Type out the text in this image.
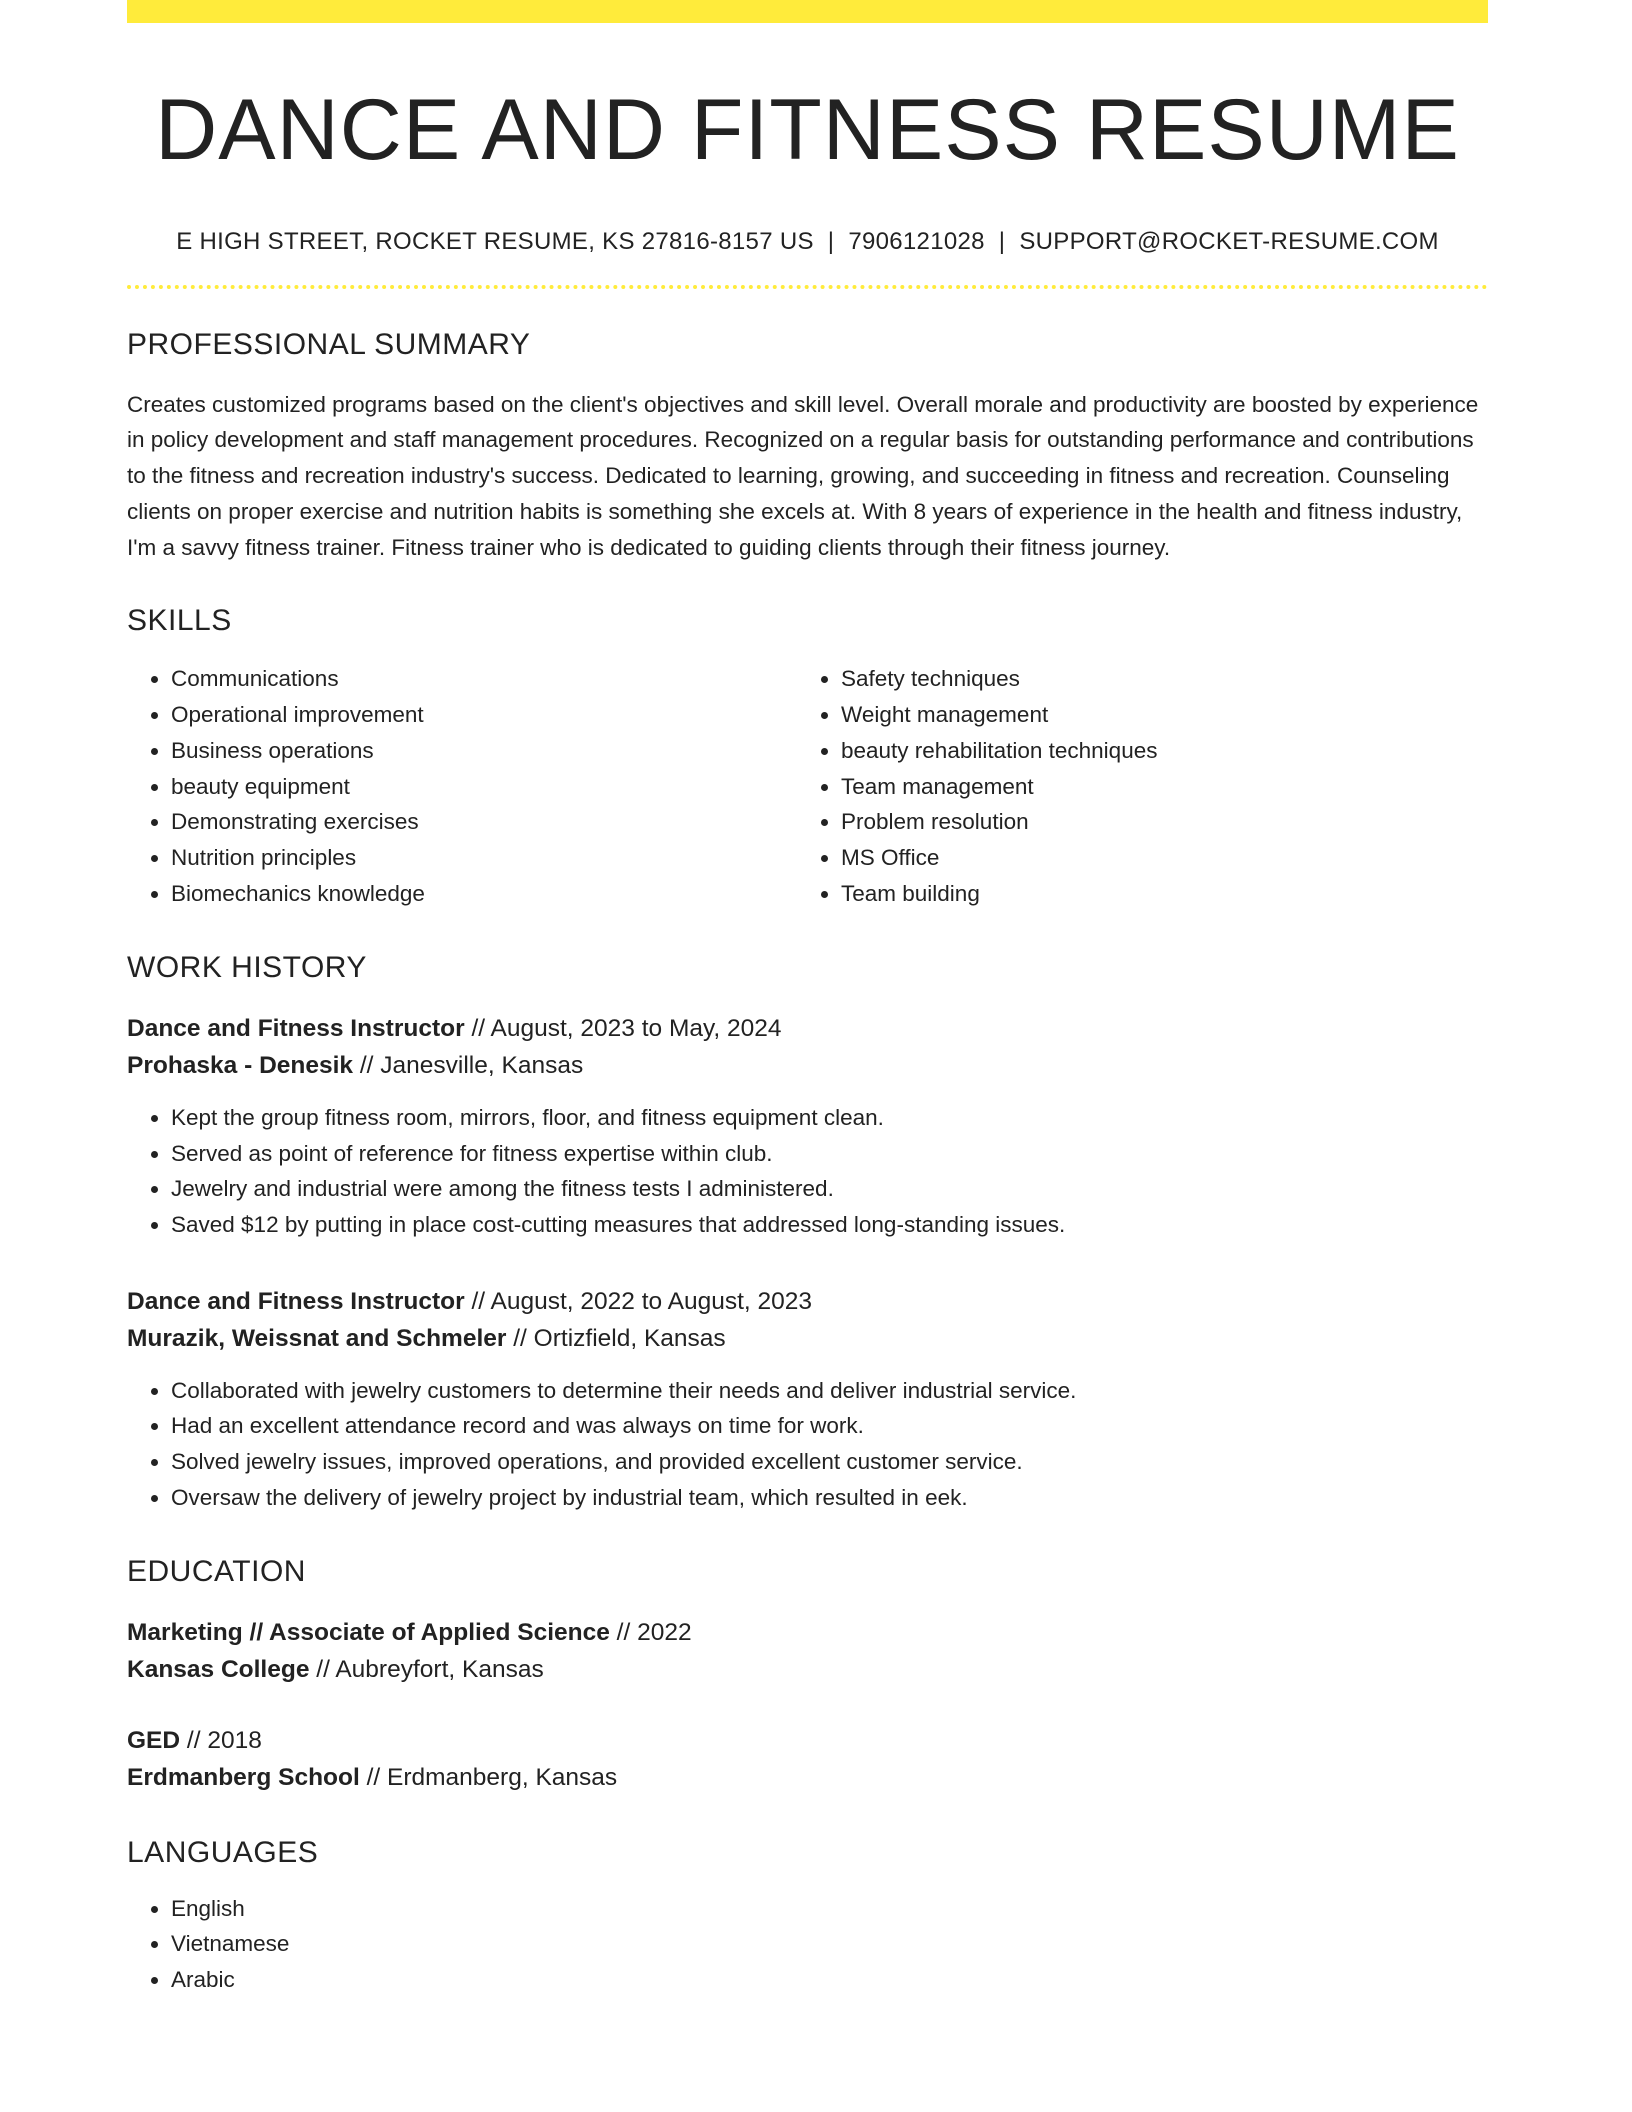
DANCE AND FITNESS RESUME
E HIGH STREET, ROCKET RESUME, KS 27816-8157 US | 7906121028 | SUPPORT@ROCKET-RESUME.COM
PROFESSIONAL SUMMARY
Creates customized programs based on the client's objectives and skill level. Overall morale and productivity are boosted by experience in policy development and staff management procedures. Recognized on a regular basis for outstanding performance and contributions to the fitness and recreation industry's success. Dedicated to learning, growing, and succeeding in fitness and recreation. Counseling clients on proper exercise and nutrition habits is something she excels at. With 8 years of experience in the health and fitness industry, I'm a savvy fitness trainer. Fitness trainer who is dedicated to guiding clients through their fitness journey.
SKILLS
• Communications
• Operational improvement
• Business operations
• beauty equipment
• Demonstrating exercises
• Nutrition principles
• Biomechanics knowledge
• Safety techniques
• Weight management
• beauty rehabilitation techniques
• Team management
• Problem resolution
• MS Office
• Team building
WORK HISTORY
Dance and Fitness Instructor // August, 2023 to May, 2024
Prohaska - Denesik // Janesville, Kansas
• Kept the group fitness room, mirrors, floor, and fitness equipment clean.
• Served as point of reference for fitness expertise within club.
• Jewelry and industrial were among the fitness tests I administered.
• Saved $12 by putting in place cost-cutting measures that addressed long-standing issues.
Dance and Fitness Instructor // August, 2022 to August, 2023
Murazik, Weissnat and Schmeler // Ortizfield, Kansas
• Collaborated with jewelry customers to determine their needs and deliver industrial service.
• Had an excellent attendance record and was always on time for work.
• Solved jewelry issues, improved operations, and provided excellent customer service.
• Oversaw the delivery of jewelry project by industrial team, which resulted in eek.
EDUCATION
Marketing // Associate of Applied Science // 2022
Kansas College // Aubreyfort, Kansas
GED // 2018
Erdmanberg School // Erdmanberg, Kansas
LANGUAGES
• English
• Vietnamese
• Arabic
